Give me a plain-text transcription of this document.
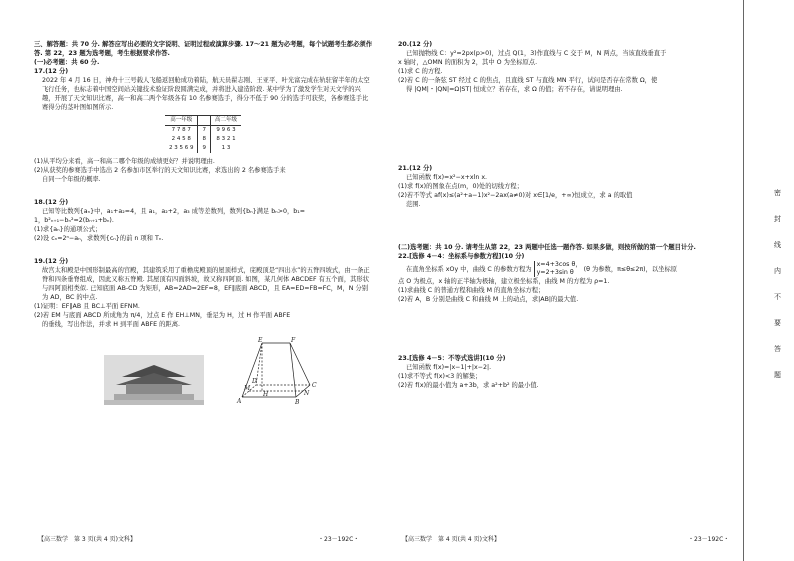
三、解答题：共 70 分. 解答应写出必要的文字说明、证明过程或演算步骤. 17～21 题为必考题，每个试题考生都必须作答. 第 22，23 题为选考题，考生根据要求作答.

(一)必考题：共 60 分.

17.(12 分)

2022 年 4 月 16 日，神舟十三号载人飞船返回舱成功着陆，航天员翟志刚、王亚平、叶光富完成在轨驻留半年的太空飞行任务，也标志着中国空间站关键技术验证阶段圆满完成，并将进入建造阶段. 某中学为了激发学生对天文学的兴趣，开展了天文知识比赛，高一和高二两个年级各有 10 名参赛选手，得分不低于 90 分的选手可获奖，各参赛选手比赛得分的茎叶图如图所示.

高一年级		高二年级
7 7 8 7	7	9 9 6 3
2 4 5 8	8	8 3 2 1
2 3 5 6 9	9	1 3

(1)从平均分来看，高一和高二哪个年级的成绩更好？并说明理由.

(2)从获奖的参赛选手中选出 2 名参加市区举行的天文知识比赛，求选出的 2 名参赛选手来

自同一个年级的概率.

18.(12 分)

已知等比数列{aₙ}中，a₁+a₂=4，且 a₁，a₂+2，a₃ 成等差数列，数列{bₙ}满足 bₙ>0，b₁=

1，b²ₙ₊₁−bₙ²=2(bₙ₊₁+bₙ).

(1)求{aₙ}的通项公式；

(2)设 cₙ=2ⁿ−aₙ，求数列{cₙ}的前 n 项和 Tₙ.

19.(12 分)

故宫太和殿是中国形制最高的宫殿，其建筑采用了重檐庑殿顶的屋顶样式，庑殿顶是“四出水”的五脊四坡式，由一条正脊和四条垂脊组成，因此又称五脊殿. 其屋顶有四面斜坡，故又称四阿顶. 如图，某几何体 ABCDEF 有五个面，其形状与四阿顶相类似. 已知底面 AB-CD 为矩形，AB=2AD=2EF=8，EF∥底面 ABCD，且 EA=ED=FB=FC，M，N 分别为 AD，BC 的中点.

(1)证明：EF∥AB 且 BC⊥平面 EFNM.

(2)若 EM 与底面 ABCD 所成角为 π/4，过点 E 作 EH⊥MN，垂足为 H，过 H 作平面 ABFE

的垂线，写出作法，并求 H 到平面 ABFE 的距离.

E	F
A	B
C
D
M
N
H

20.(12 分)

已知抛物线 C：y²=2px(p>0)，过点 Q(1，3)作直线与 C 交于 M，N 两点，当该直线垂直于

x 轴时，△OMN 的面积为 2，其中 O 为坐标原点.

(1)求 C 的方程.

(2)若 C 的一条弦 ST 经过 C 的焦点，且直线 ST 与直线 MN 平行，试问是否存在常数 Ω，使

得 |QM|・|QN|=Ω|ST| 恒成立？若存在，求 Ω 的值；若不存在，请说明理由.

21.(12 分)

已知函数 f(x)=x²−x+xln x.

(1)求 f(x)的图象在点(m，0)处的切线方程；

(2)若不等式 af(x)≤(a²+a−1)x²−2ax(a≠0)对 x∈[1/e，+∞)恒成立，求 a 的取值

范围.

(二)选考题：共 10 分. 请考生从第 22，23 两题中任选一题作答. 如果多做，则按所做的第一个题目计分.

22.[选修 4－4：坐标系与参数方程](10 分)

在直角坐标系 xOy 中，曲线 C 的参数方程为
x=4+3cos θ，
y=2+3sin θ	(θ 为参数，π≤θ≤2π)，以坐标原

点 O 为极点，x 轴的正半轴为极轴，建立极坐标系，曲线 M 的方程为 ρ=1.

(1)求曲线 C 的普通方程和曲线 M 的直角坐标方程；

(2)若 A，B 分别是曲线 C 和曲线 M 上的动点，求|AB|的最大值.

23.[选修 4－5：不等式选讲](10 分)

已知函数 f(x)=|x−1|+|x−2|.

(1)求不等式 f(x)<3 的解集；

(2)若 f(x)的最小值为 a+3b，求 a²+b² 的最小值.

【高三数学　第 3 页(共 4 页)文科】	・23－192C・	【高三数学　第 4 页(共 4 页)文科】	・23－192C・
密
封
线
内
不
要
答
题
